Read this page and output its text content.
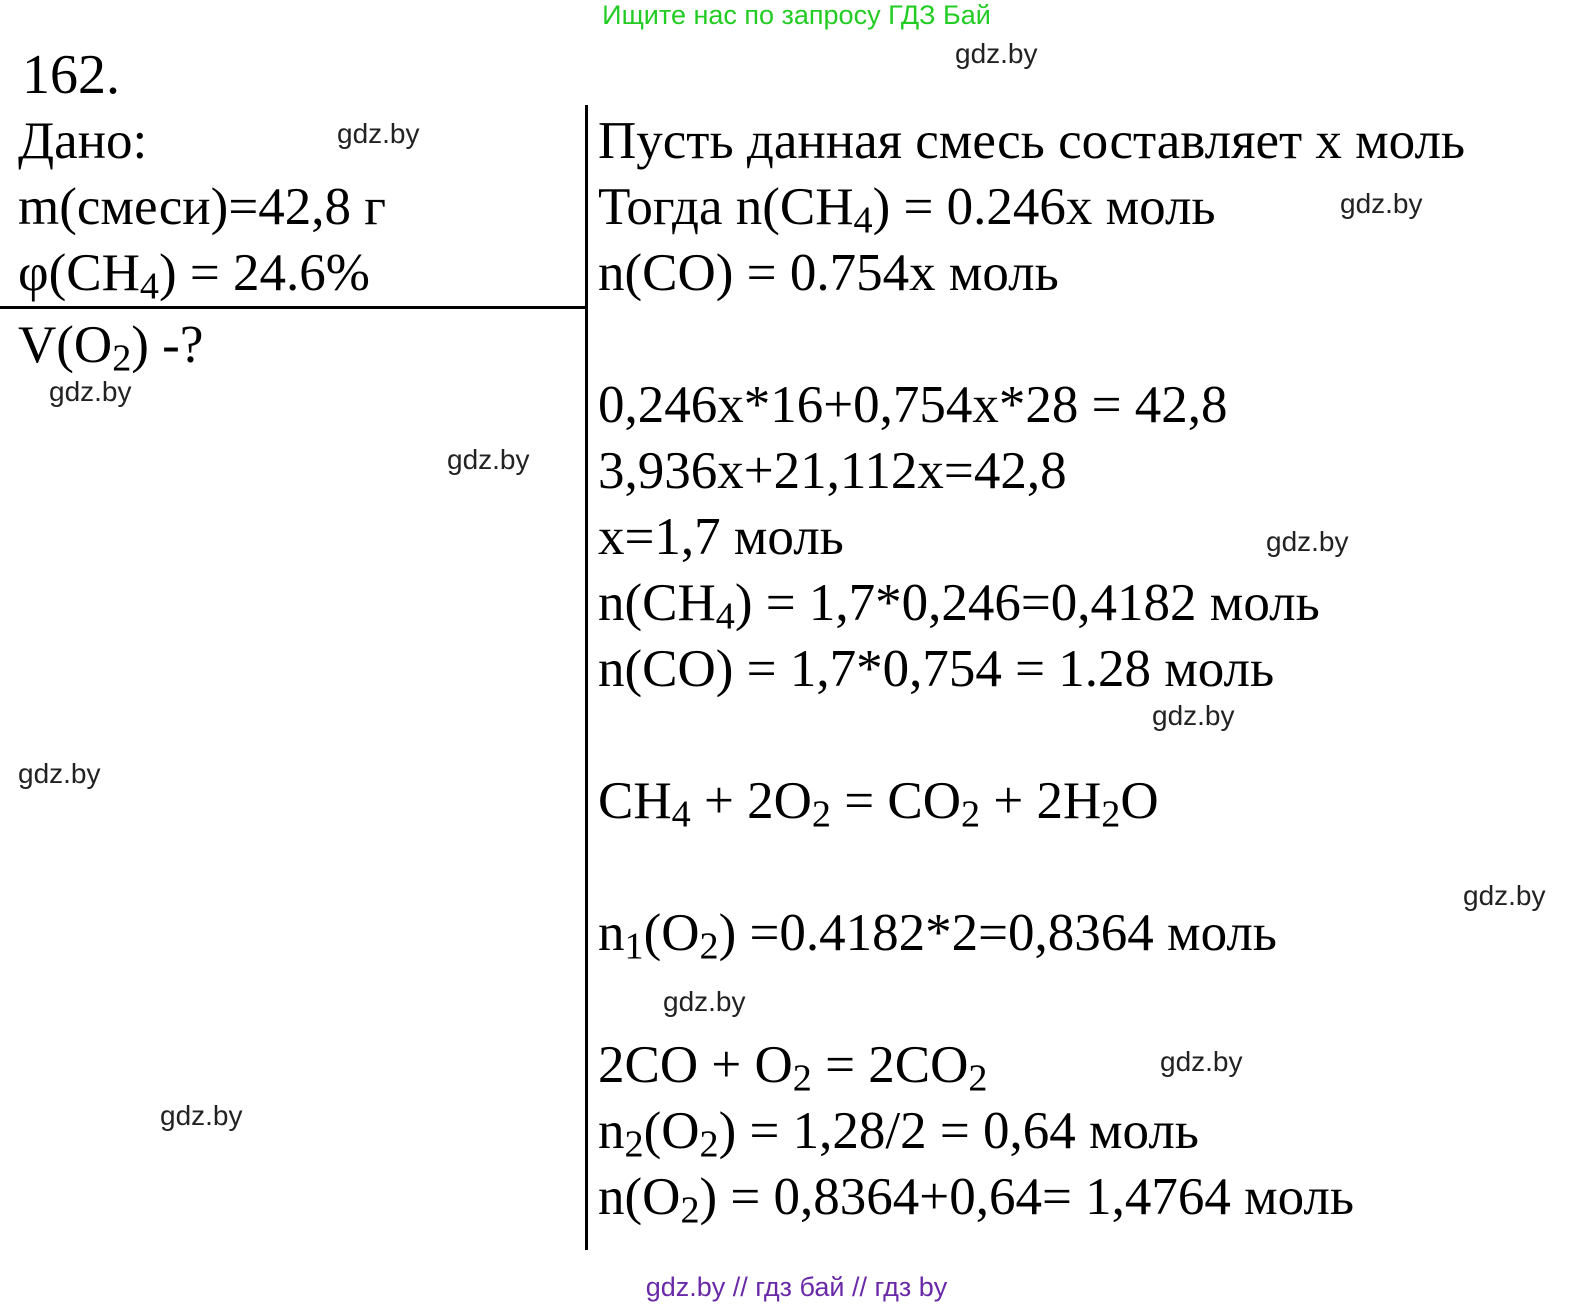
Ищите нас по запросу ГДЗ Бай
162.
Дано:
m(смеси)=42,8 г
$\varphi(CH_4) = 24.6\%$
$V(O_2)$ -?
Пусть данная смесь составляет x моль
Тогда $n(CH_4) = 0.246x$ моль
n(CO) = 0.754x моль
0,246x*16+0,754x*28 = 42,8
3,936x+21,112x=42,8
x=1,7 моль
$n(CH_4) = 1,7*0,246=0,4182$ моль
n(CO) = 1,7*0,754 = 1.28 моль
$CH_4 + 2O_2 = CO_2 + 2H_2O$
$n_1(O_2) =0.4182*2=0,8364$ моль
$2CO + O_2 = 2CO_2$
$n_2(O_2) = 1,28/2 = 0,64$ моль
$n(O_2) = 0,8364+0,64= 1,4764$ моль
gdz.by
gdz.by
gdz.by
gdz.by
gdz.by
gdz.by
gdz.by
gdz.by
gdz.by
gdz.by
gdz.by
gdz.by
gdz.by // гдз бай // гдз by
